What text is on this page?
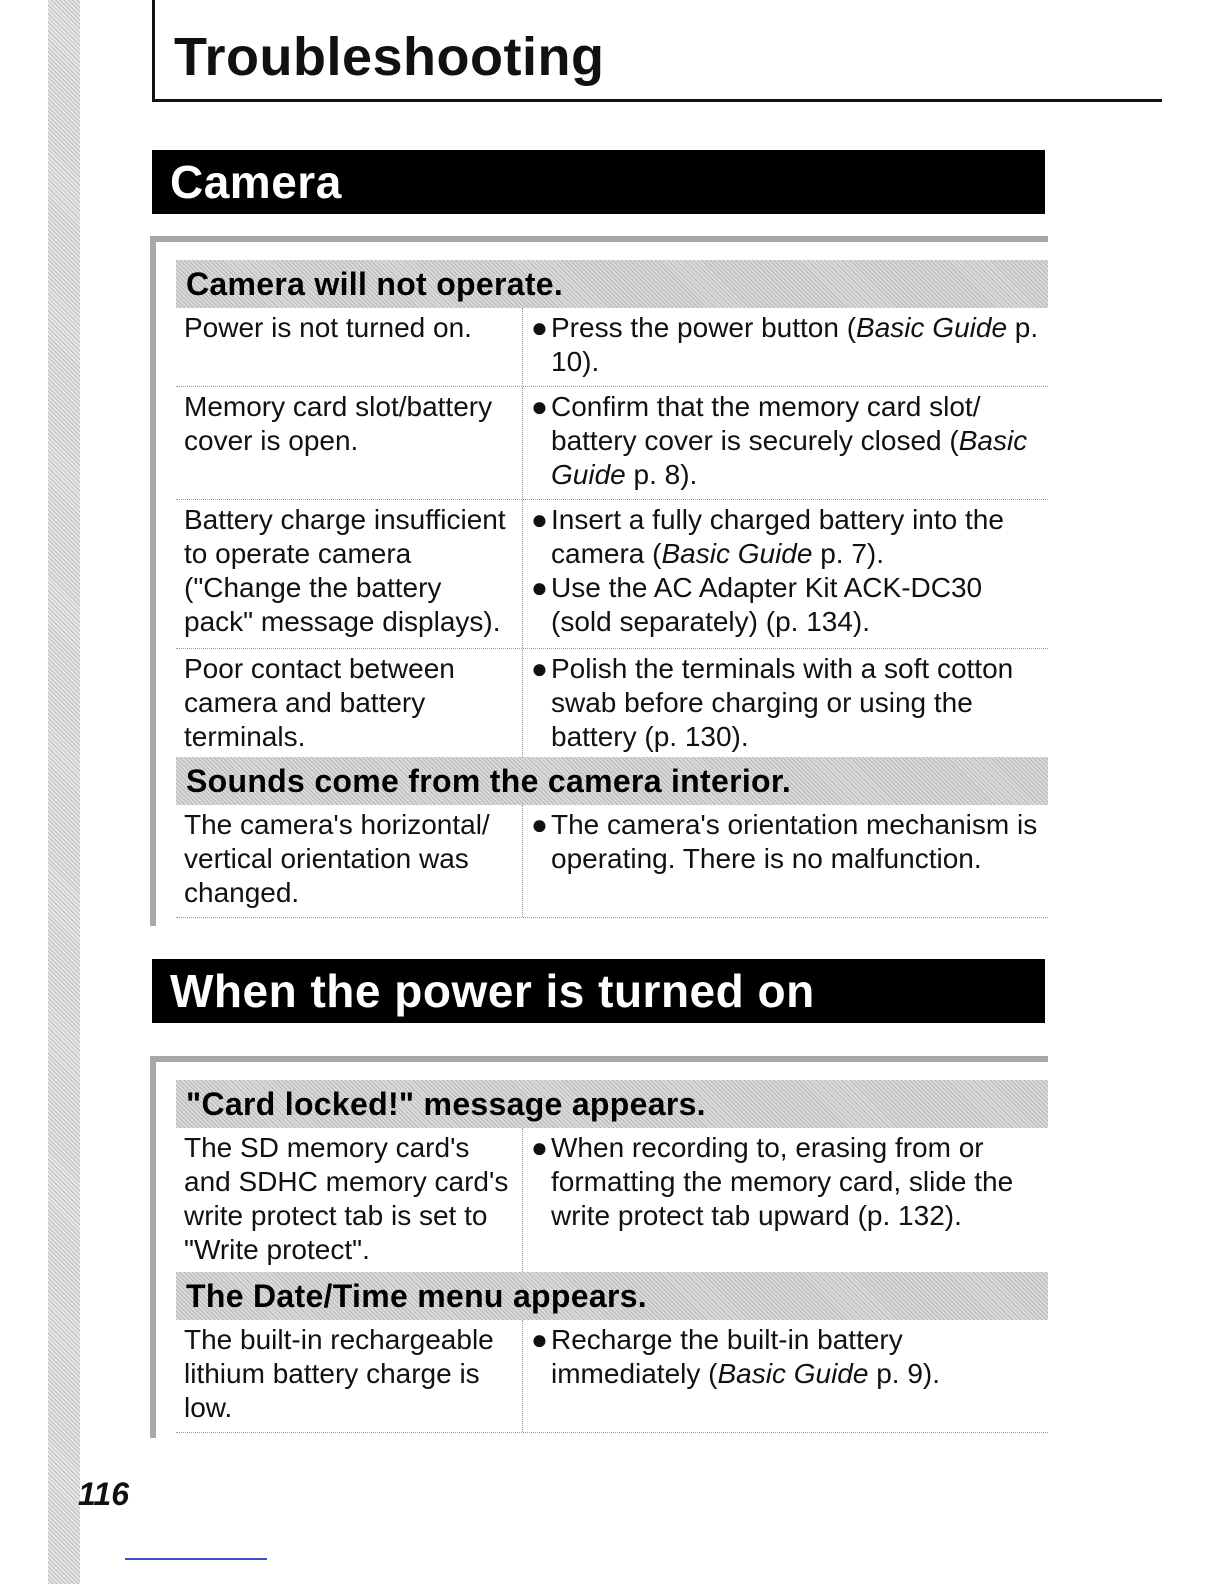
Troubleshooting
Camera
Camera will not operate.
Power is not turned on.	● Press the power button (Basic Guide p. 10).
Memory card slot/battery cover is open.
● Confirm that the memory card slot/ battery cover is securely closed (Basic Guide p. 8).
Battery charge insufficient to operate camera ("Change the battery pack" message displays).
● Insert a fully charged battery into the camera (Basic Guide p. 7).
● Use the AC Adapter Kit ACK-DC30 (sold separately) (p. 134).
Poor contact between camera and battery terminals.
● Polish the terminals with a soft cotton swab before charging or using the battery (p. 130).
Sounds come from the camera interior.
The camera's horizontal/ vertical orientation was changed.
● The camera's orientation mechanism is operating. There is no malfunction.
When the power is turned on
"Card locked!" message appears.
The SD memory card's and SDHC memory card's write protect tab is set to "Write protect".
● When recording to, erasing from or formatting the memory card, slide the write protect tab upward (p. 132).
The Date/Time menu appears.
The built-in rechargeable lithium battery charge is low.
● Recharge the built-in battery immediately (Basic Guide p. 9).
116
